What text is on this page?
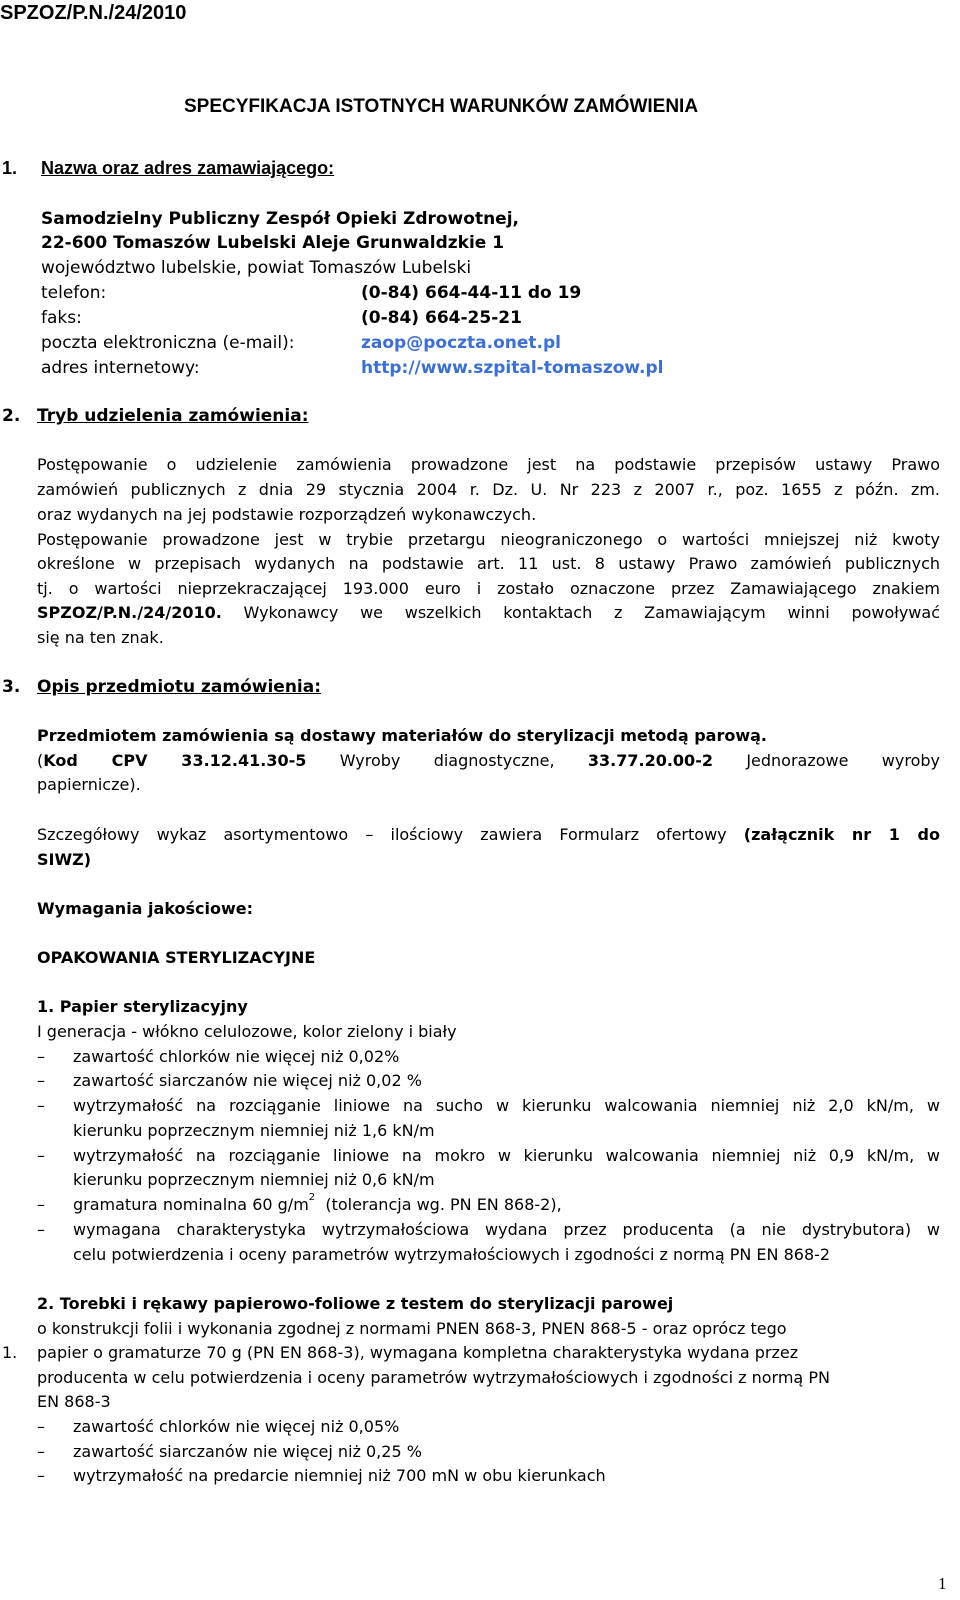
SPZOZ/P.N./24/2010
SPECYFIKACJA ISTOTNYCH WARUNKÓW ZAMÓWIENIA
1. Nazwa oraz adres zamawiającego:
Samodzielny Publiczny Zespół Opieki Zdrowotnej,
22-600 Tomaszów Lubelski Aleje Grunwaldzkie 1
województwo lubelskie, powiat Tomaszów Lubelski
telefon:	(0-84) 664-44-11 do 19
faks:	(0-84) 664-25-21
poczta elektroniczna (e-mail):	zaop@poczta.onet.pl
adres internetowy:	http://www.szpital-tomaszow.pl
2. Tryb udzielenia zamówienia:
Postępowanie o udzielenie zamówienia prowadzone jest na podstawie przepisów ustawy Prawo
zamówień publicznych z dnia 29 stycznia 2004 r. Dz. U. Nr 223 z 2007 r., poz. 1655 z późn. zm.
oraz wydanych na jej podstawie rozporządzeń wykonawczych.
Postępowanie prowadzone jest w trybie przetargu nieograniczonego o wartości mniejszej niż kwoty
określone w przepisach wydanych na podstawie art. 11 ust. 8 ustawy Prawo zamówień publicznych
tj. o wartości nieprzekraczającej 193.000 euro i zostało oznaczone przez Zamawiającego znakiem
SPZOZ/P.N./24/2010. Wykonawcy we wszelkich kontaktach z Zamawiającym winni powoływać
się na ten znak.
3. Opis przedmiotu zamówienia:
Przedmiotem zamówienia są dostawy materiałów do sterylizacji metodą parową.
(Kod CPV 33.12.41.30-5 Wyroby diagnostyczne, 33.77.20.00-2 Jednorazowe wyroby
papiernicze).
Szczegółowy wykaz asortymentowo – ilościowy zawiera Formularz ofertowy (załącznik nr 1 do
SIWZ)
Wymagania jakościowe:
OPAKOWANIA STERYLIZACYJNE
1. Papier sterylizacyjny
I generacja - włókno celulozowe, kolor zielony i biały
– zawartość chlorków nie więcej niż 0,02%
– zawartość siarczanów nie więcej niż 0,02 %
– wytrzymałość na rozciąganie liniowe na sucho w kierunku walcowania niemniej niż 2,0 kN/m, w
kierunku poprzecznym niemniej niż 1,6 kN/m
– wytrzymałość na rozciąganie liniowe na mokro w kierunku walcowania niemniej niż 0,9 kN/m, w
kierunku poprzecznym niemniej niż 0,6 kN/m
– gramatura nominalna 60 $g/m^2$ (tolerancja wg. PN EN 868-2),
– wymagana charakterystyka wytrzymałościowa wydana przez producenta (a nie dystrybutora) w
celu potwierdzenia i oceny parametrów wytrzymałościowych i zgodności z normą PN EN 868-2
2. Torebki i rękawy papierowo-foliowe z testem do sterylizacji parowej
o konstrukcji folii i wykonania zgodnej z normami PNEN 868-3, PNEN 868-5 - oraz oprócz tego
1. papier o gramaturze 70 g (PN EN 868-3), wymagana kompletna charakterystyka wydana przez
producenta w celu potwierdzenia i oceny parametrów wytrzymałościowych i zgodności z normą PN
EN 868-3
– zawartość chlorków nie więcej niż 0,05%
– zawartość siarczanów nie więcej niż 0,25 %
– wytrzymałość na predarcie niemniej niż 700 mN w obu kierunkach
1
